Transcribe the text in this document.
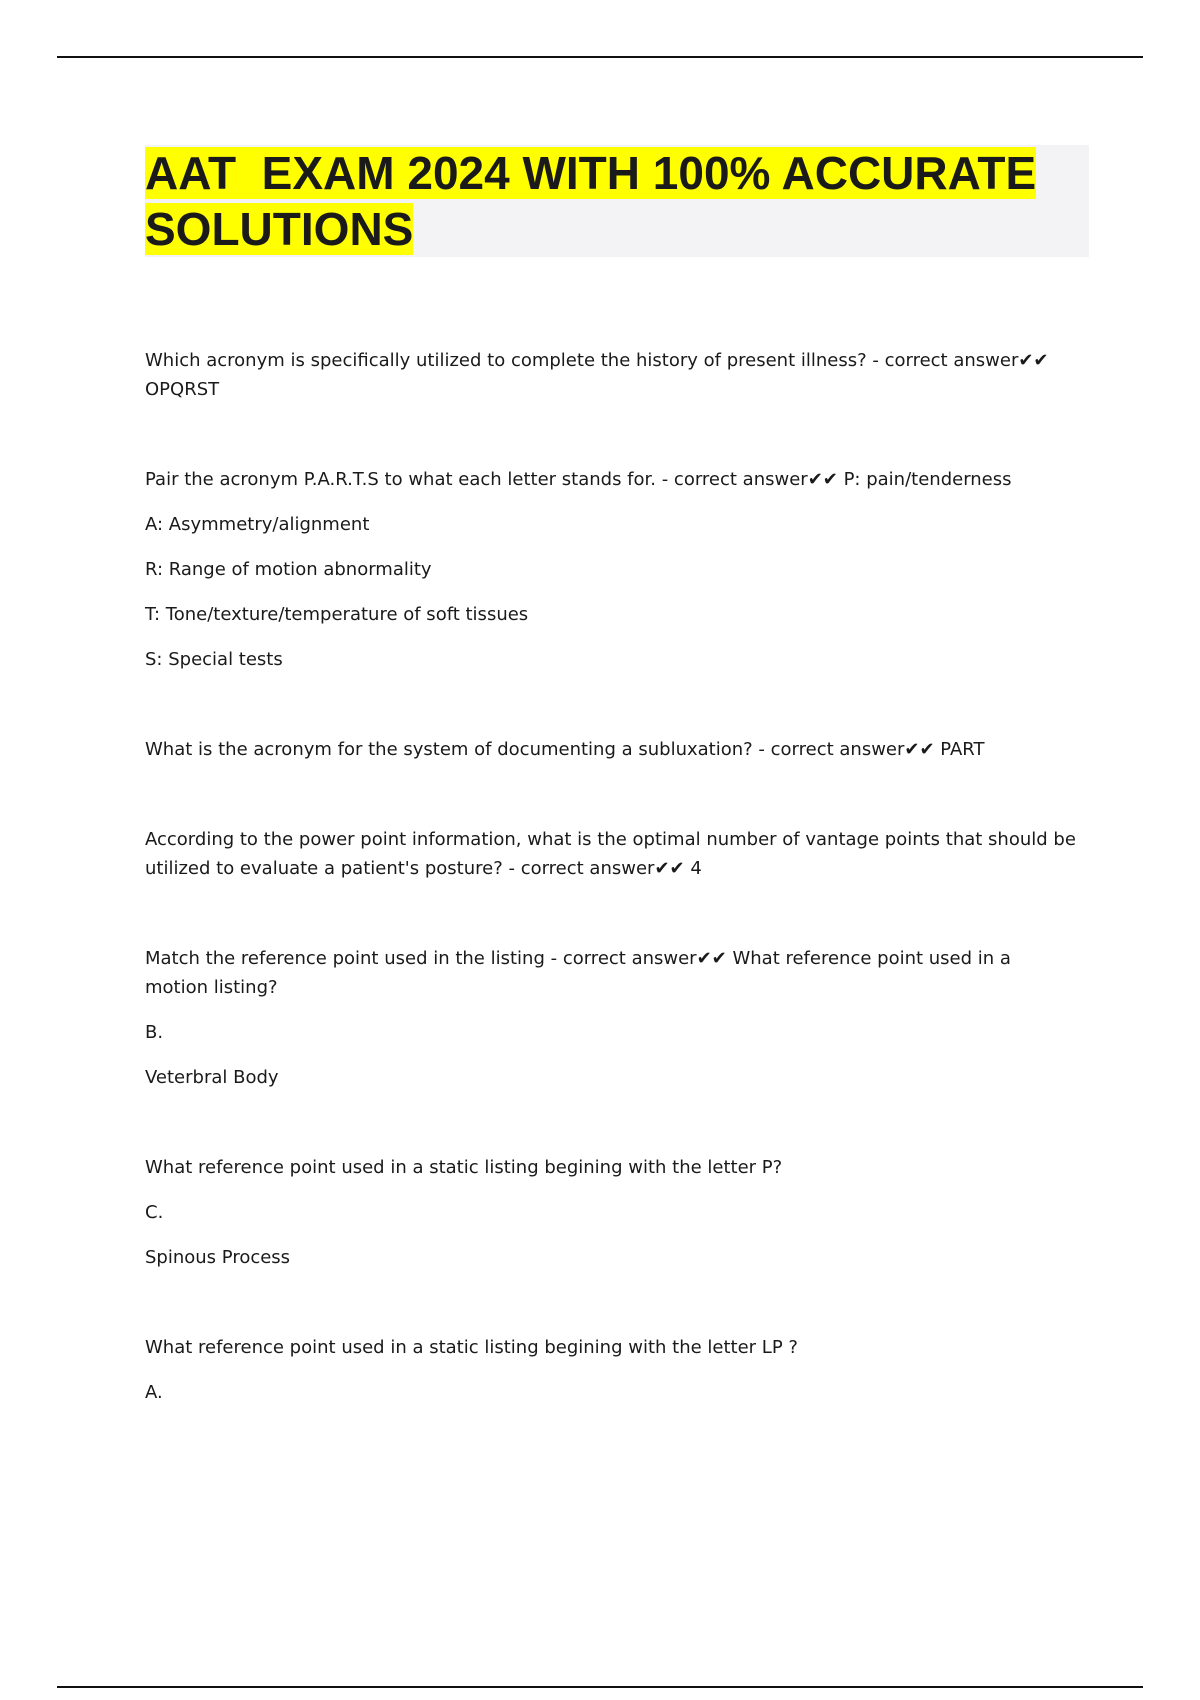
AAT  EXAM 2024 WITH 100% ACCURATE
SOLUTIONS

Which acronym is specifically utilized to complete the history of present illness? - correct answer✔✔
OPQRST

Pair the acronym P.A.R.T.S to what each letter stands for. - correct answer✔✔ P: pain/tenderness

A: Asymmetry/alignment

R: Range of motion abnormality

T: Tone/texture/temperature of soft tissues

S: Special tests

What is the acronym for the system of documenting a subluxation? - correct answer✔✔ PART

According to the power point information, what is the optimal number of vantage points that should be
utilized to evaluate a patient's posture? - correct answer✔✔ 4

Match the reference point used in the listing - correct answer✔✔ What reference point used in a
motion listing?

B.

Veterbral Body

What reference point used in a static listing begining with the letter P?

C.

Spinous Process

What reference point used in a static listing begining with the letter LP ?

A.
